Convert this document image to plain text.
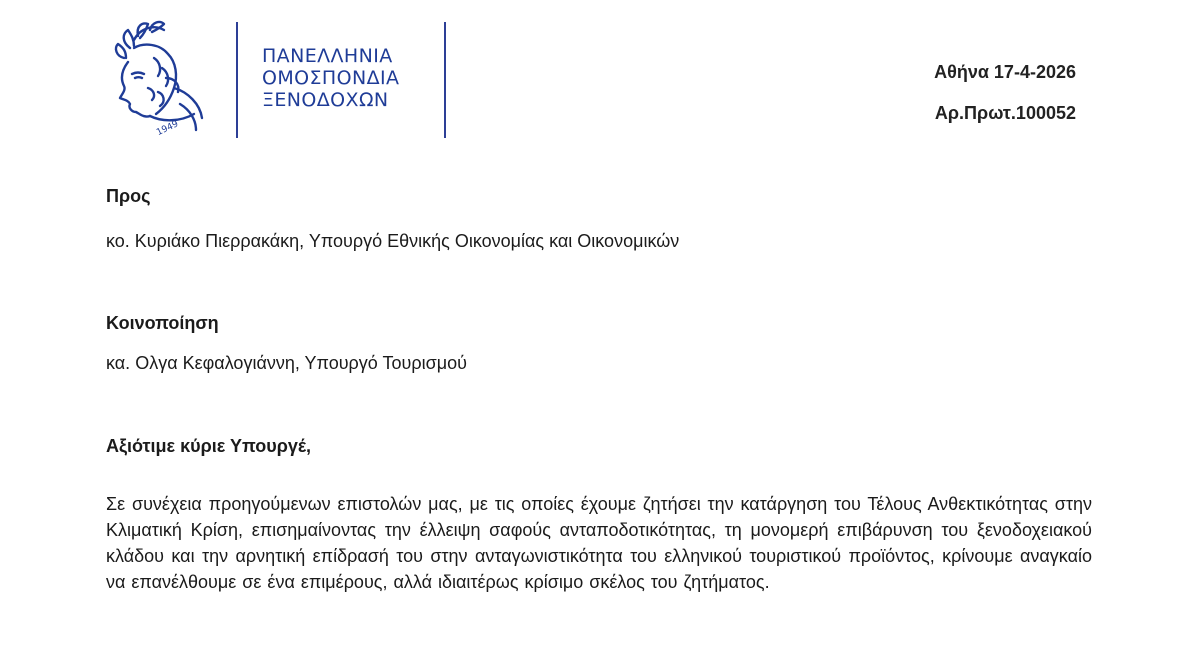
1949
ΠΑΝΕΛΛΗΝΙΑ
ΟΜΟΣΠΟΝΔΙΑ
ΞΕΝΟΔΟΧΩΝ
Αθήνα 17-4-2026
Αρ.Πρωτ.100052
Προς
κο. Κυριάκο Πιερρακάκη, Υπουργό Εθνικής Οικονομίας και Οικονομικών
Κοινοποίηση
κα. Ολγα Κεφαλογιάννη, Υπουργό Τουρισμού
Αξιότιμε κύριε Υπουργέ,
Σε συνέχεια προηγούμενων επιστολών μας, με τις οποίες έχουμε ζητήσει την κατάργηση του Τέλους Ανθεκτικότητας στην Κλιματική Κρίση, επισημαίνοντας την έλλειψη σαφούς ανταποδοτικότητας, τη μονομερή επιβάρυνση του ξενοδοχειακού κλάδου και την αρνητική επίδρασή του στην ανταγωνιστικότητα του ελληνικού τουριστικού προϊόντος, κρίνουμε αναγκαίο να επανέλθουμε σε ένα επιμέρους, αλλά ιδιαιτέρως κρίσιμο σκέλος του ζητήματος.
